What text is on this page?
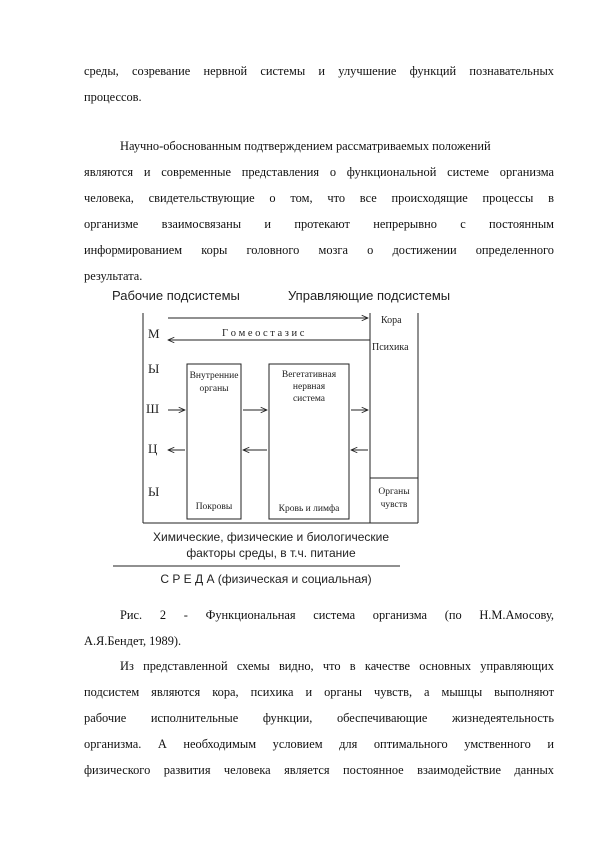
среды, созревание нервной системы и улучшение функций познавательных
процессов.
Научно-обоснованным подтверждением рассматриваемых положений
являются и современные представления о функциональной системе организма
человека, свидетельствующие о том, что все происходящие процессы в
организме взаимосвязаны и протекают непрерывно с постоянным
информированием коры головного мозга о достижении определенного
результата.
Рабочие подсистемы	Управляющие подсистемы
М
Ы
Ш
Ц
Ы
Г о м е о с т а з и с
Кора
Психика
Внутренние
органы
Покровы
Вегетативная
нервная
система
Кровь и лимфа
Органы
чувств
Химические, физические и биологические
факторы среды, в т.ч. питание
С Р Е Д А (физическая и социальная)
Рис. 2 - Функциональная система организма (по Н.М.Амосову,
А.Я.Бендет, 1989).
Из представленной схемы видно, что в качестве основных управляющих
подсистем являются кора, психика и органы чувств, а мышцы выполняют
рабочие исполнительные функции, обеспечивающие жизнедеятельность
организма. А необходимым условием для оптимального умственного и
физического развития человека является постоянное взаимодействие данных
